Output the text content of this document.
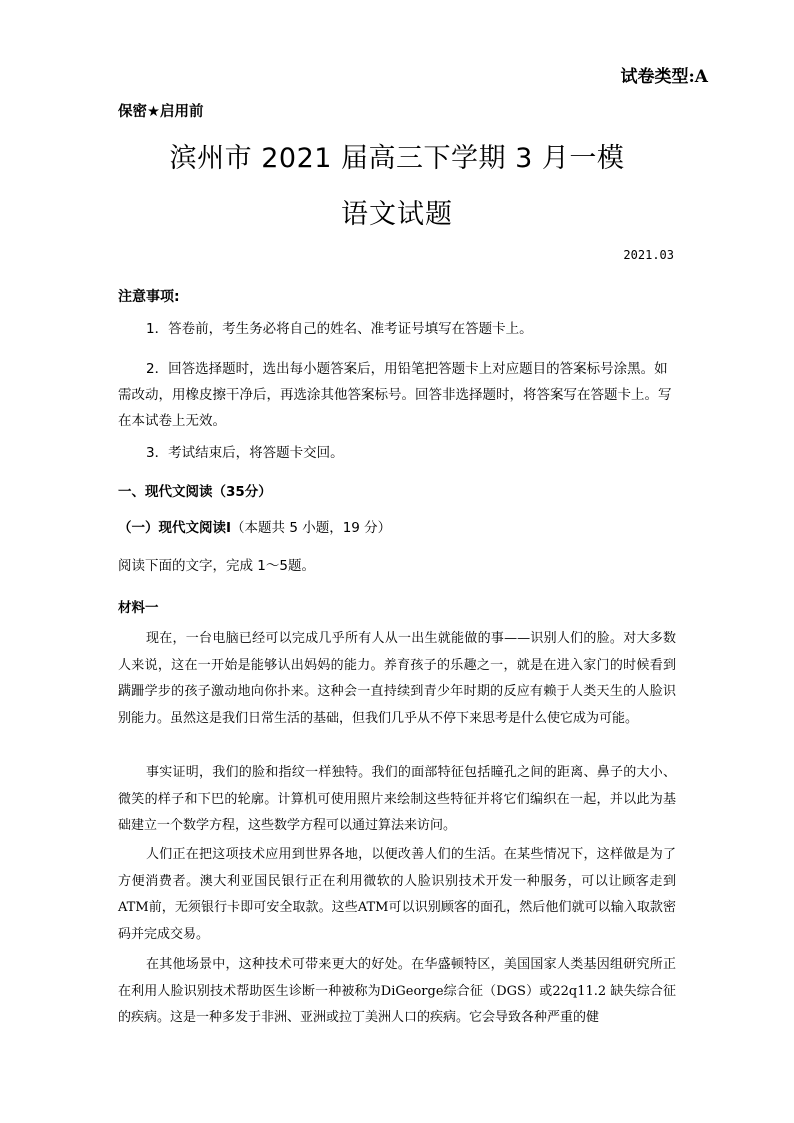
试卷类型:A
保密★启用前
滨州市 2021 届高三下学期 3 月一模
语文试题
2021.03
注意事项:
1．答卷前，考生务必将自己的姓名、准考证号填写在答题卡上。
2．回答选择题时，选出每小题答案后，用铅笔把答题卡上对应题目的答案标号涂黑。如需改动，用橡皮擦干净后，再选涂其他答案标号。回答非选择题时，将答案写在答题卡上。写在本试卷上无效。
3．考试结束后，将答题卡交回。
一、现代文阅读（35分）
（一）现代文阅读Ⅰ（本题共 5 小题，19 分）
阅读下面的文字，完成 1～5题。
材料一
现在，一台电脑已经可以完成几乎所有人从一出生就能做的事——识别人们的脸。对大多数人来说，这在一开始是能够认出妈妈的能力。养育孩子的乐趣之一，就是在进入家门的时候看到蹒跚学步的孩子激动地向你扑来。这种会一直持续到青少年时期的反应有赖于人类天生的人脸识别能力。虽然这是我们日常生活的基础，但我们几乎从不停下来思考是什么使它成为可能。
事实证明，我们的脸和指纹一样独特。我们的面部特征包括瞳孔之间的距离、鼻子的大小、微笑的样子和下巴的轮廓。计算机可使用照片来绘制这些特征并将它们编织在一起，并以此为基础建立一个数学方程，这些数学方程可以通过算法来访问。
人们正在把这项技术应用到世界各地，以便改善人们的生活。在某些情况下，这样做是为了方便消费者。澳大利亚国民银行正在利用微软的人脸识别技术开发一种服务，可以让顾客走到ATM前，无须银行卡即可安全取款。这些ATM可以识别顾客的面孔，然后他们就可以输入取款密码并完成交易。
在其他场景中，这种技术可带来更大的好处。在华盛顿特区，美国国家人类基因组研究所正在利用人脸识别技术帮助医生诊断一种被称为DiGeorge综合征（DGS）或22q11.2 缺失综合征的疾病。这是一种多发于非洲、亚洲或拉丁美洲人口的疾病。它会导致各种严重的健
